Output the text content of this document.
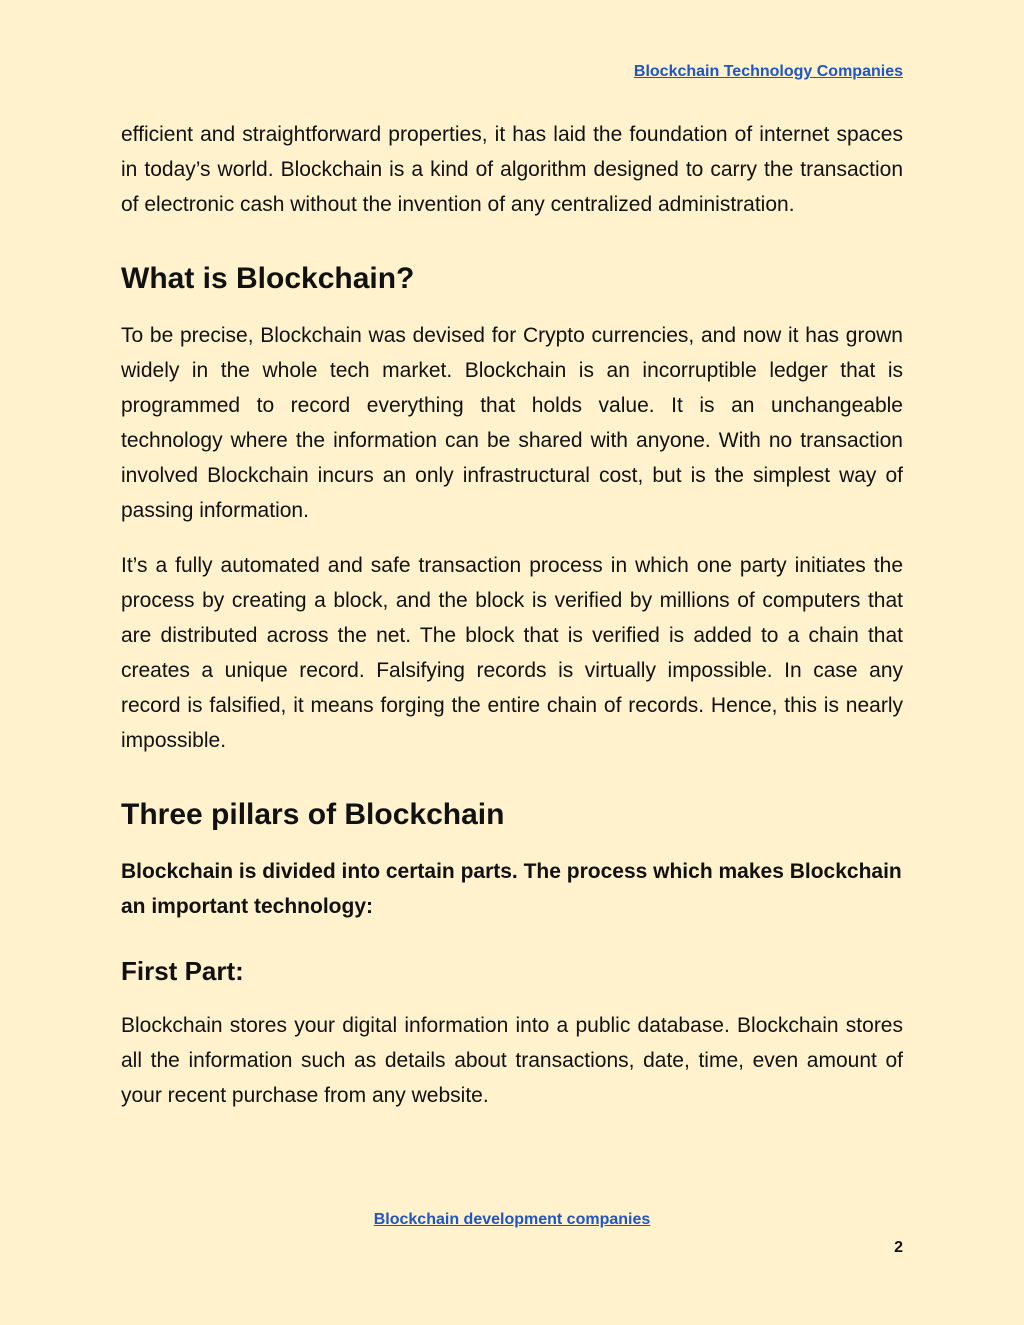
Blockchain Technology Companies

efficient and straightforward properties, it has laid the foundation of internet spaces in today’s world. Blockchain is a kind of algorithm designed to carry the transaction of electronic cash without the invention of any centralized administration.

What is Blockchain?

To be precise, Blockchain was devised for Crypto currencies, and now it has grown widely in the whole tech market. Blockchain is an incorruptible ledger that is programmed to record everything that holds value. It is an unchangeable technology where the information can be shared with anyone. With no transaction involved Blockchain incurs an only infrastructural cost, but is the simplest way of passing information.

It’s a fully automated and safe transaction process in which one party initiates the process by creating a block, and the block is verified by millions of computers that are distributed across the net. The block that is verified is added to a chain that creates a unique record. Falsifying records is virtually impossible. In case any record is falsified, it means forging the entire chain of records. Hence, this is nearly impossible.

Three pillars of Blockchain

Blockchain is divided into certain parts. The process which makes Blockchain an important technology:

First Part:

Blockchain stores your digital information into a public database. Blockchain stores all the information such as details about transactions, date, time, even amount of your recent purchase from any website.

Blockchain development companies
2
